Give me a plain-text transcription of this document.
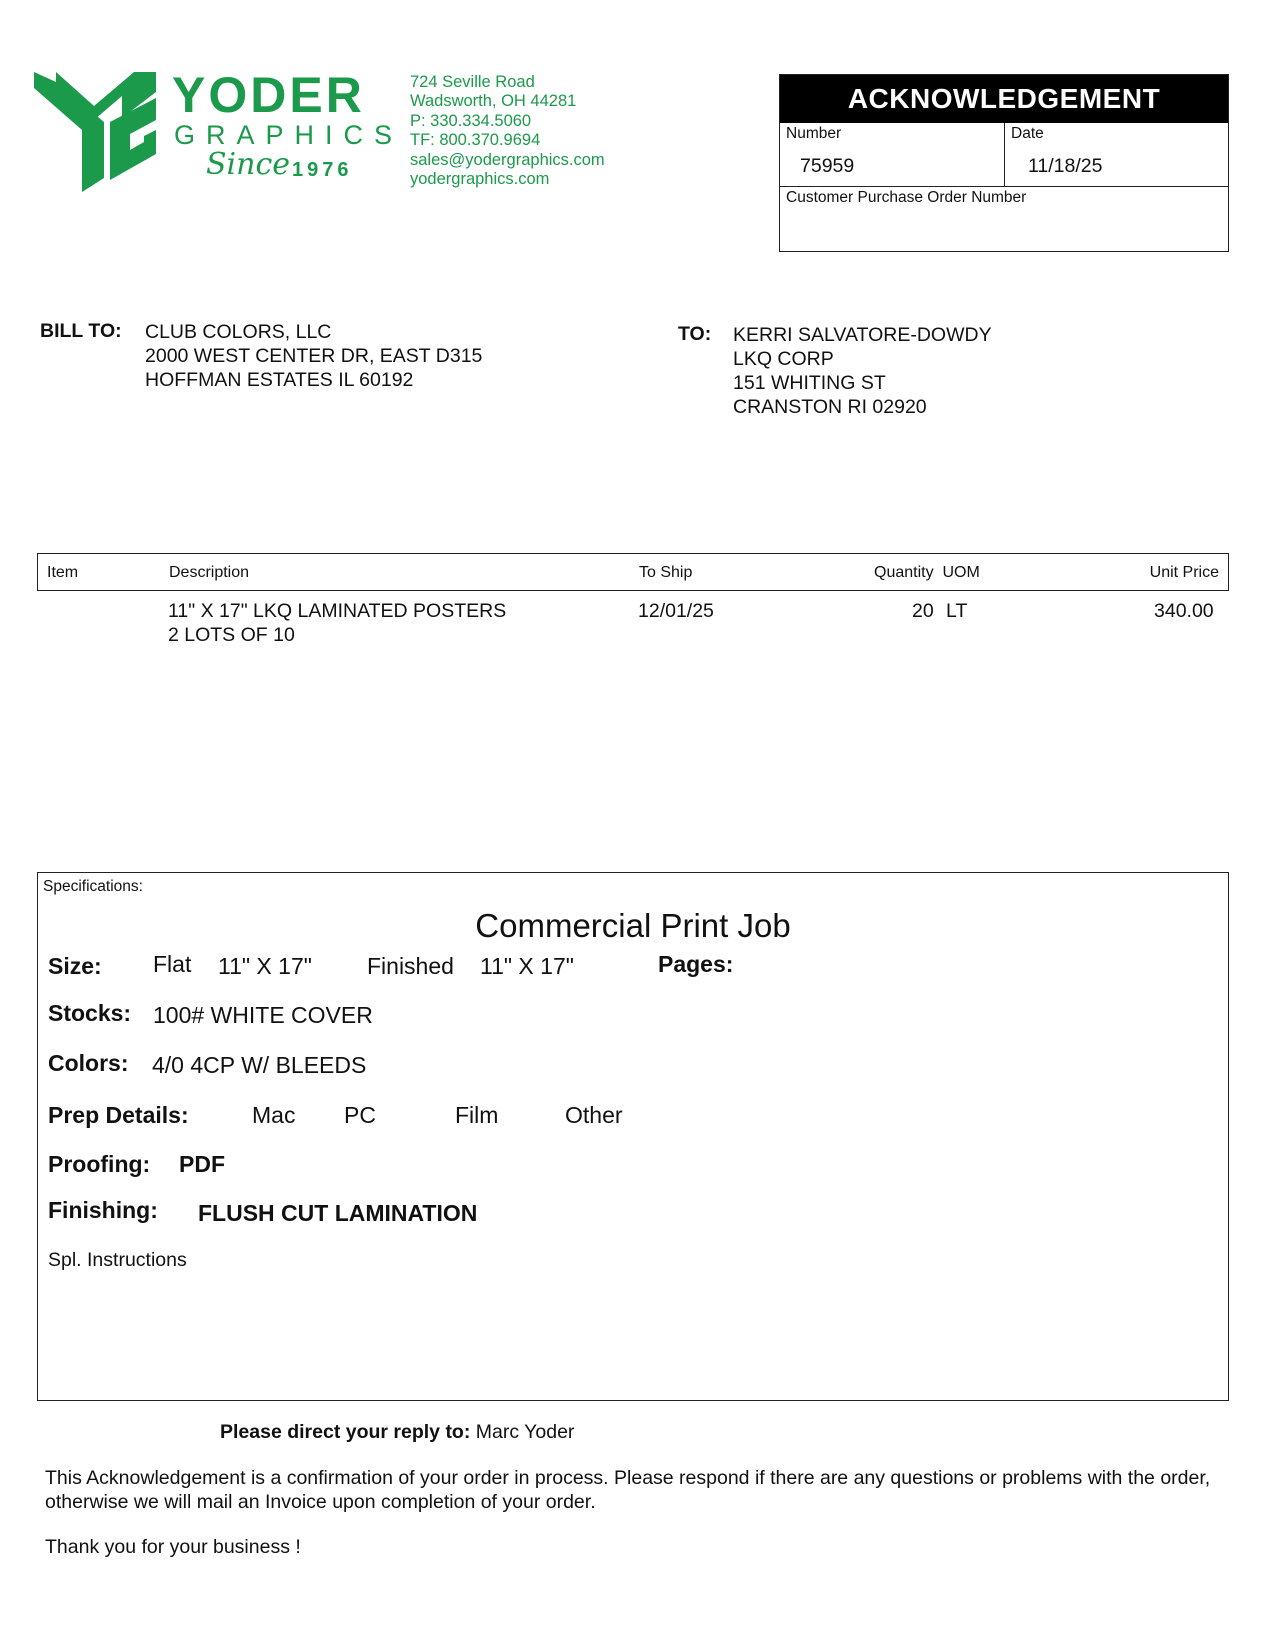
YODER
GRAPHICS
Since 1976
724 Seville Road
Wadsworth, OH 44281
P: 330.334.5060
TF: 800.370.9694
sales@yodergraphics.com
yodergraphics.com
ACKNOWLEDGEMENT
Number
75959
Date
11/18/25
Customer Purchase Order Number
BILL TO: CLUB COLORS, LLC
2000 WEST CENTER DR, EAST D315
HOFFMAN ESTATES IL 60192
TO: KERRI SALVATORE-DOWDY
LKQ CORP
151 WHITING ST
CRANSTON RI 02920
Item	Description	To Ship	Quantity  UOM	Unit Price
11" X 17" LKQ LAMINATED POSTERS
2 LOTS OF 10
12/01/25	20 LT	340.00
Specifications:
Commercial Print Job
Size: Flat 11" X 17" Finished 11" X 17"	Pages:
Stocks: 100# WHITE COVER
Colors: 4/0 4CP W/ BLEEDS
Prep Details:	Mac PC	Film	Other
Proofing: PDF
Finishing: FLUSH CUT LAMINATION
Spl. Instructions
Please direct your reply to: Marc Yoder
This Acknowledgement is a confirmation of your order in process. Please respond if there are any questions or problems with the order, otherwise we will mail an Invoice upon completion of your order.
Thank you for your business !
